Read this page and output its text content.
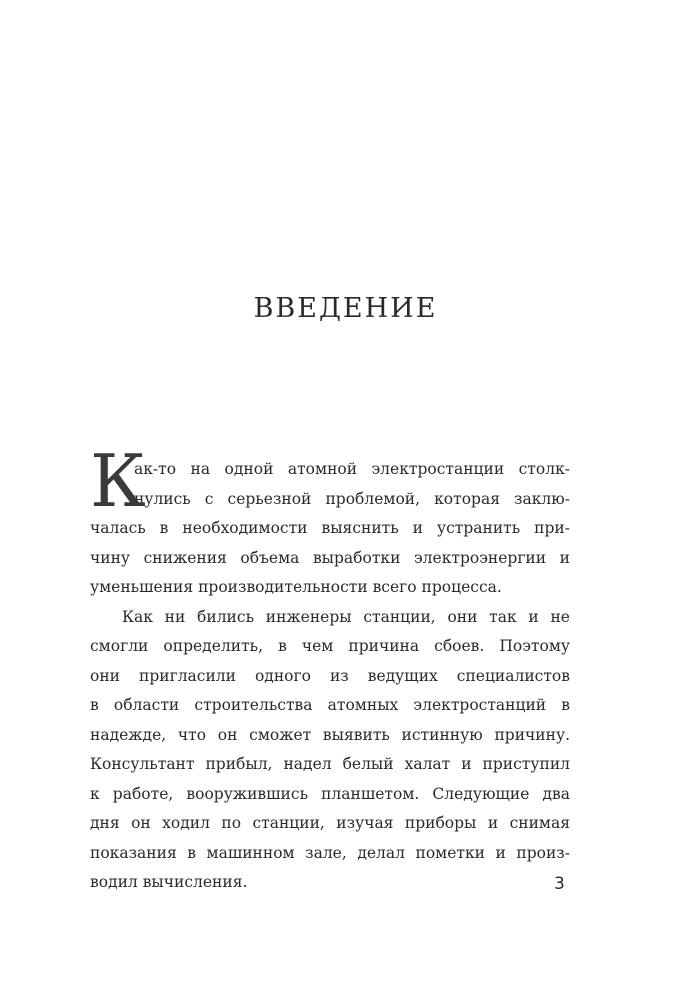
ВВЕДЕНИЕ
К
ак-то на одной атомной электростанции столк-
нулись с серьезной проблемой, которая заклю-
чалась в необходимости выяснить и устранить при-
чину снижения объема выработки электроэнергии и
уменьшения производительности всего процесса.
Как ни бились инженеры станции, они так и не
смогли определить, в чем причина сбоев. Поэтому
они пригласили одного из ведущих специалистов
в области строительства атомных электростанций в
надежде, что он сможет выявить истинную причину.
Консультант прибыл, надел белый халат и приступил
к работе, вооружившись планшетом. Следующие два
дня он ходил по станции, изучая приборы и снимая
показания в машинном зале, делал пометки и произ-
водил вычисления.	3
